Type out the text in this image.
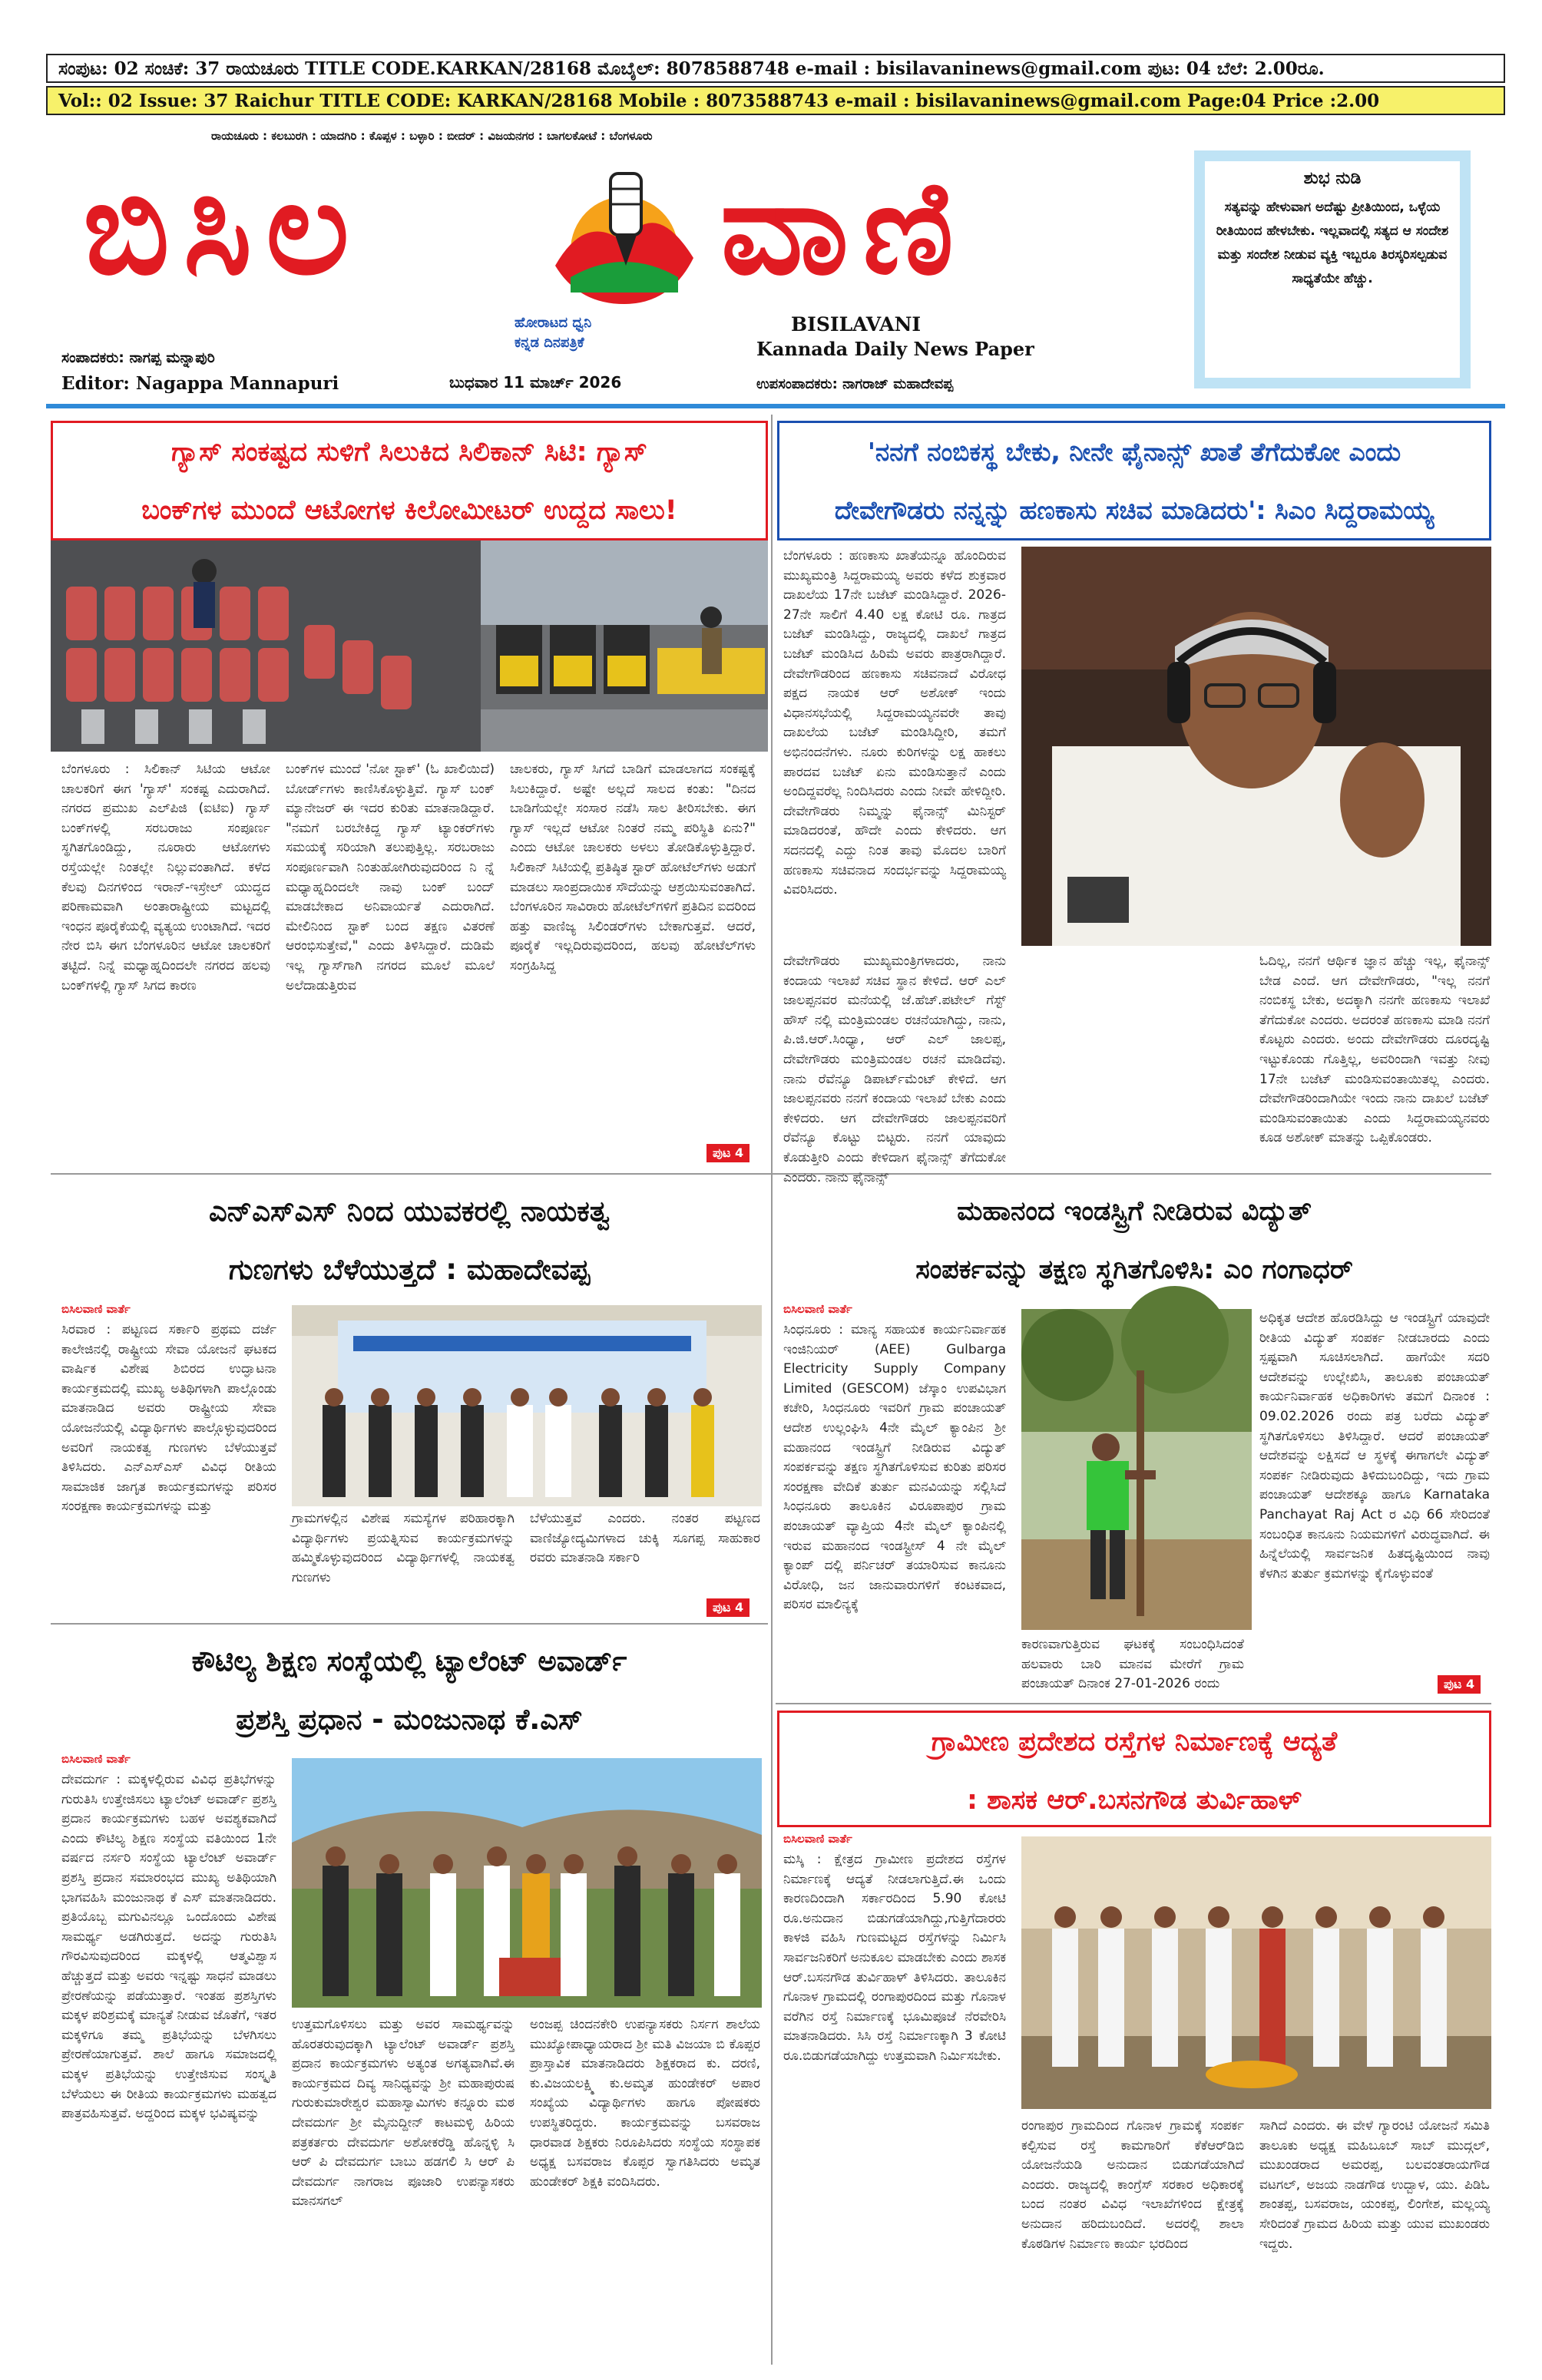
ಸಂಪುಟ: 02 ಸಂಚಿಕೆ: 37 ರಾಯಚೂರು TITLE CODE.KARKAN/28168 ಮೊಬೈಲ್: 8078588748 e-mail : bisilavaninews@gmail.com ಪುಟ: 04 ಬೆಲೆ: 2.00ರೂ.
Vol:: 02 Issue: 37 Raichur TITLE CODE: KARKAN/28168 Mobile : 8073588743 e-mail : bisilavaninews@gmail.com Page:04 Price :2.00
ರಾಯಚೂರು : ಕಲಬುರಗಿ : ಯಾದಗಿರಿ : ಕೊಪ್ಪಳ : ಬಳ್ಳಾರಿ : ಬೀದರ್ : ವಿಜಯನಗರ : ಬಾಗಲಕೋಟೆ : ಬೆಂಗಳೂರು
ಬಿಸಿಲ	ವಾಣಿ
ಹೋರಾಟದ ಧ್ವನಿ
ಕನ್ನಡ ದಿನಪತ್ರಿಕೆ
BISILAVANI
Kannada Daily News Paper
ಸಂಪಾದಕರು: ನಾಗಪ್ಪ ಮನ್ನಾಪುರಿ
Editor: Nagappa Mannapuri	ಬುಧವಾರ 11 ಮಾರ್ಚ್ 2026	ಉಪಸಂಪಾದಕರು: ನಾಗರಾಜ್ ಮಹಾದೇವಪ್ಪ
ಶುಭ ನುಡಿ
ಸತ್ಯವನ್ನು ಹೇಳುವಾಗ ಅದೆಷ್ಟು ಪ್ರೀತಿಯಿಂದ, ಒಳ್ಳೆಯ ರೀತಿಯಿಂದ ಹೇಳಬೇಕು. ಇಲ್ಲವಾದಲ್ಲಿ ಸತ್ಯದ ಆ ಸಂದೇಶ ಮತ್ತು ಸಂದೇಶ ನೀಡುವ ವ್ಯಕ್ತಿ ಇಬ್ಬರೂ ತಿರಸ್ಕರಿಸಲ್ಪಡುವ ಸಾಧ್ಯತೆಯೇ ಹೆಚ್ಚು.
ಗ್ಯಾಸ್ ಸಂಕಷ್ಟದ ಸುಳಿಗೆ ಸಿಲುಕಿದ ಸಿಲಿಕಾನ್ ಸಿಟಿ: ಗ್ಯಾಸ್
ಬಂಕ್‌ಗಳ ಮುಂದೆ ಆಟೋಗಳ ಕಿಲೋಮೀಟರ್ ಉದ್ದದ ಸಾಲು!
ಬೆಂಗಳೂರು : ಸಿಲಿಕಾನ್ ಸಿಟಿಯ ಆಟೋ ಚಾಲಕರಿಗೆ ಈಗ 'ಗ್ಯಾಸ್' ಸಂಕಷ್ಟ ಎದುರಾಗಿದೆ. ನಗರದ ಪ್ರಮುಖ ಎಲ್‌ಪಿಜಿ (ಐಟಿಐ) ಗ್ಯಾಸ್ ಬಂಕ್‌ಗಳಲ್ಲಿ ಸರಬರಾಜು ಸಂಪೂರ್ಣ ಸ್ಥಗಿತಗೊಂಡಿದ್ದು, ನೂರಾರು ಆಟೋಗಳು ರಸ್ತೆಯಲ್ಲೇ ನಿಂತಲ್ಲೇ ನಿಲ್ಲುವಂತಾಗಿದೆ. ಕಳೆದ ಕೆಲವು ದಿನಗಳಿಂದ ಇರಾನ್-ಇಸ್ರೇಲ್ ಯುದ್ಧದ ಪರಿಣಾಮವಾಗಿ ಅಂತಾರಾಷ್ಟ್ರೀಯ ಮಟ್ಟದಲ್ಲಿ ಇಂಧನ ಪೂರೈಕೆಯಲ್ಲಿ ವ್ಯತ್ಯಯ ಉಂಟಾಗಿದೆ. ಇದರ ನೇರ ಬಿಸಿ ಈಗ ಬೆಂಗಳೂರಿನ ಆಟೋ ಚಾಲಕರಿಗೆ ತಟ್ಟಿದೆ. ನಿನ್ನೆ ಮಧ್ಯಾಹ್ನದಿಂದಲೇ ನಗರದ ಹಲವು ಬಂಕ್‌ಗಳಲ್ಲಿ ಗ್ಯಾಸ್ ಸಿಗದ ಕಾರಣ
ಬಂಕ್‌ಗಳ ಮುಂದೆ 'ನೋ ಸ್ಟಾಕ್' (ಓ ಖಾಲಿಯಿದೆ) ಬೋರ್ಡ್‌ಗಳು ಕಾಣಿಸಿಕೊಳ್ಳುತ್ತಿವೆ. ಗ್ಯಾಸ್ ಬಂಕ್ ಮ್ಯಾನೇಜರ್ ಈ ಇದರ ಕುರಿತು ಮಾತನಾಡಿದ್ದಾರೆ. "ನಮಗೆ ಬರಬೇಕಿದ್ದ ಗ್ಯಾಸ್ ಟ್ಯಾಂಕರ್‌ಗಳು ಸಮಯಕ್ಕೆ ಸರಿಯಾಗಿ ತಲುಪುತ್ತಿಲ್ಲ. ಸರಬರಾಜು ಸಂಪೂರ್ಣವಾಗಿ ನಿಂತುಹೋಗಿರುವುದರಿಂದ ನಿ ನ್ನೆ ಮಧ್ಯಾಹ್ನದಿಂದಲೇ ನಾವು ಬಂಕ್ ಬಂದ್ ಮಾಡಬೇಕಾದ ಅನಿವಾರ್ಯತೆ ಎದುರಾಗಿದೆ. ಮೇಲಿನಿಂದ ಸ್ಟಾಕ್ ಬಂದ ತಕ್ಷಣ ವಿತರಣೆ ಆರಂಭಿಸುತ್ತೇವೆ," ಎಂದು ತಿಳಿಸಿದ್ದಾರೆ. ದುಡಿಮೆ ಇಲ್ಲ ಗ್ಯಾಸ್‌ಗಾಗಿ ನಗರದ ಮೂಲೆ ಮೂಲೆ ಅಲೆದಾಡುತ್ತಿರುವ
ಚಾಲಕರು, ಗ್ಯಾಸ್ ಸಿಗದೆ ಬಾಡಿಗೆ ಮಾಡಲಾಗದ ಸಂಕಷ್ಟಕ್ಕೆ ಸಿಲುಕಿದ್ದಾರೆ. ಅಷ್ಟೇ ಅಲ್ಲದೆ ಸಾಲದ ಕಂತು: "ದಿನದ ಬಾಡಿಗೆಯಲ್ಲೇ ಸಂಸಾರ ನಡೆಸಿ ಸಾಲ ತೀರಿಸಬೇಕು. ಈಗ ಗ್ಯಾಸ್ ಇಲ್ಲದೆ ಆಟೋ ನಿಂತರೆ ನಮ್ಮ ಪರಿಸ್ಥಿತಿ ಏನು?" ಎಂದು ಆಟೋ ಚಾಲಕರು ಅಳಲು ತೋಡಿಕೊಳ್ಳುತ್ತಿದ್ದಾರೆ. ಸಿಲಿಕಾನ್ ಸಿಟಿಯಲ್ಲಿ ಪ್ರತಿಷ್ಠಿತ ಸ್ಟಾರ್ ಹೋಟೆಲ್‌ಗಳು ಅಡುಗೆ ಮಾಡಲು ಸಾಂಪ್ರದಾಯಿಕ ಸೌದೆಯನ್ನು ಆಶ್ರಯಿಸುವಂತಾಗಿದೆ. ಬೆಂಗಳೂರಿನ ಸಾವಿರಾರು ಹೋಟೆಲ್‌ಗಳಿಗೆ ಪ್ರತಿದಿನ ಐದರಿಂದ ಹತ್ತು ವಾಣಿಜ್ಯ ಸಿಲಿಂಡರ್‌ಗಳು ಬೇಕಾಗುತ್ತವೆ. ಆದರೆ, ಪೂರೈಕೆ ಇಲ್ಲದಿರುವುದರಿಂದ, ಹಲವು ಹೋಟೆಲ್‌ಗಳು ಸಂಗ್ರಹಿಸಿದ್ದ
ಪುಟ 4
'ನನಗೆ ನಂಬಿಕಸ್ಥ ಬೇಕು, ನೀನೇ ಫೈನಾನ್ಸ್ ಖಾತೆ ತೆಗೆದುಕೋ ಎಂದು
ದೇವೇಗೌಡರು ನನ್ನನ್ನು ಹಣಕಾಸು ಸಚಿವ ಮಾಡಿದರು': ಸಿಎಂ ಸಿದ್ದರಾಮಯ್ಯ
ಬೆಂಗಳೂರು : ಹಣಕಾಸು ಖಾತೆಯನ್ನೂ ಹೊಂದಿರುವ ಮುಖ್ಯಮಂತ್ರಿ ಸಿದ್ದರಾಮಯ್ಯ ಅವರು ಕಳೆದ ಶುಕ್ರವಾರ ದಾಖಲೆಯ 17ನೇ ಬಜೆಟ್ ಮಂಡಿಸಿದ್ದಾರೆ. 2026-27ನೇ ಸಾಲಿಗೆ 4.40 ಲಕ್ಷ ಕೋಟಿ ರೂ. ಗಾತ್ರದ ಬಜೆಟ್ ಮಂಡಿಸಿದ್ದು, ರಾಜ್ಯದಲ್ಲಿ ದಾಖಲೆ ಗಾತ್ರದ ಬಜೆಟ್ ಮಂಡಿಸಿದ ಹಿರಿಮೆ ಅವರು ಪಾತ್ರರಾಗಿದ್ದಾರೆ. ದೇವೇಗೌಡರಿಂದ ಹಣಕಾಸು ಸಚಿವನಾದೆ ವಿರೋಧ ಪಕ್ಷದ ನಾಯಕ ಆರ್ ಅಶೋಕ್ ಇಂದು ವಿಧಾನಸಭೆಯಲ್ಲಿ ಸಿದ್ದರಾಮಯ್ಯನವರೇ ತಾವು ದಾಖಲೆಯ ಬಜೆಟ್ ಮಂಡಿಸಿದ್ದೀರಿ, ತಮಗೆ ಅಭಿನಂದನೆಗಳು. ನೂರು ಕುರಿಗಳನ್ನು ಲಕ್ಷ ಹಾಕಲು ಪಾರದವ ಬಜೆಟ್ ಏನು ಮಂಡಿಸುತ್ತಾನೆ ಎಂದು ಅಂದಿದ್ದವರೆಲ್ಲ ನಿಂದಿಸಿದರು ಎಂದು ನೀವೇ ಹೇಳಿದ್ದೀರಿ. ದೇವೇಗೌಡರು ನಿಮ್ಮನ್ನು ಫೈನಾನ್ಸ್ ಮಿನಿಸ್ಟರ್ ಮಾಡಿದರಂತೆ, ಹೌದೇ ಎಂದು ಕೇಳಿದರು. ಆಗ ಸದನದಲ್ಲಿ ಎದ್ದು ನಿಂತ ತಾವು ಮೊದಲ ಬಾರಿಗೆ ಹಣಕಾಸು ಸಚಿವನಾದ ಸಂದರ್ಭವನ್ನು ಸಿದ್ದರಾಮಯ್ಯ ವಿವರಿಸಿದರು.
ದೇವೇಗೌಡರು ಮುಖ್ಯಮಂತ್ರಿಗಳಾದರು, ನಾನು ಕಂದಾಯ ಇಲಾಖೆ ಸಚಿವ ಸ್ಥಾನ ಕೇಳಿದೆ. ಆರ್ ಎಲ್ ಜಾಲಪ್ಪನವರ ಮನೆಯಲ್ಲಿ ಜೆ.ಹೆಚ್.ಪಟೇಲ್ ಗೆಸ್ಟ್ ಹೌಸ್ ನಲ್ಲಿ ಮಂತ್ರಿಮಂಡಲ ರಚನೆಯಾಗಿದ್ದು, ನಾನು, ಪಿ.ಜಿ.ಆರ್.ಸಿಂಧ್ಯಾ, ಆರ್ ಎಲ್ ಜಾಲಪ್ಪ, ದೇವೇಗೌಡರು ಮಂತ್ರಿಮಂಡಲ ರಚನೆ ಮಾಡಿದೆವು. ನಾನು ರೆವೆನ್ಯೂ ಡಿಪಾರ್ಟ್‌ಮೆಂಟ್ ಕೇಳಿದೆ. ಆಗ ಜಾಲಪ್ಪನವರು ನನಗೆ ಕಂದಾಯ ಇಲಾಖೆ ಬೇಕು ಎಂದು ಕೇಳಿದರು. ಆಗ ದೇವೇಗೌಡರು ಜಾಲಪ್ಪನವರಿಗೆ ರೆವೆನ್ಯೂ ಕೊಟ್ಟು ಬಿಟ್ಟರು. ನನಗೆ ಯಾವುದು ಕೊಡುತ್ತೀರಿ ಎಂದು ಕೇಳಿದಾಗ ಫೈನಾನ್ಸ್ ತೆಗೆದುಕೋ ಎಂದರು. ನಾನು ಫೈನಾನ್ಸ್
ಓದಿಲ್ಲ, ನನಗೆ ಆರ್ಥಿಕ ಜ್ಞಾನ ಹೆಚ್ಚು ಇಲ್ಲ, ಫೈನಾನ್ಸ್ ಬೇಡ ಎಂದೆ. ಆಗ ದೇವೇಗೌಡರು, "ಇಲ್ಲ ನನಗೆ ನಂಬಿಕಸ್ಥ ಬೇಕು, ಅದಕ್ಕಾಗಿ ನನಗೇ ಹಣಕಾಸು ಇಲಾಖೆ ತೆಗೆದುಕೋ ಎಂದರು. ಅದರಂತೆ ಹಣಕಾಸು ಮಾಡಿ ನನಗೆ ಕೊಟ್ಟರು ಎಂದರು. ಅಂದು ದೇವೇಗೌಡರು ದೂರದೃಷ್ಟಿ ಇಟ್ಟುಕೊಂಡು ಗೊತ್ತಿಲ್ಲ, ಅವರಿಂದಾಗಿ ಇವತ್ತು ನೀವು 17ನೇ ಬಜೆಟ್ ಮಂಡಿಸುವಂತಾಯಿತಲ್ಲ ಎಂದರು. ದೇವೇಗೌಡರಿಂದಾಗಿಯೇ ಇಂದು ನಾನು ದಾಖಲೆ ಬಜೆಟ್ ಮಂಡಿಸುವಂತಾಯಿತು ಎಂದು ಸಿದ್ದರಾಮಯ್ಯನವರು ಕೂಡ ಅಶೋಕ್ ಮಾತನ್ನು ಒಪ್ಪಿಕೊಂಡರು.
ಎನ್‌ಎಸ್‌ಎಸ್ ನಿಂದ ಯುವಕರಲ್ಲಿ ನಾಯಕತ್ವ
ಗುಣಗಳು ಬೆಳೆಯುತ್ತದೆ : ಮಹಾದೇವಪ್ಪ
ಬಿಸಿಲವಾಣಿ ವಾರ್ತೆ
ಸಿರವಾರ : ಪಟ್ಟಣದ ಸರ್ಕಾರಿ ಪ್ರಥಮ ದರ್ಜೆ ಕಾಲೇಜಿನಲ್ಲಿ ರಾಷ್ಟ್ರೀಯ ಸೇವಾ ಯೋಜನೆ ಘಟಕದ ವಾರ್ಷಿಕ ವಿಶೇಷ ಶಿಬಿರದ ಉದ್ಘಾಟನಾ ಕಾರ್ಯಕ್ರಮದಲ್ಲಿ ಮುಖ್ಯ ಅತಿಥಿಗಳಾಗಿ ಪಾಲ್ಗೊಂಡು ಮಾತನಾಡಿದ ಅವರು ರಾಷ್ಟ್ರೀಯ ಸೇವಾ ಯೋಜನೆಯಲ್ಲಿ ವಿದ್ಯಾರ್ಥಿಗಳು ಪಾಲ್ಗೊಳ್ಳುವುದರಿಂದ ಅವರಿಗೆ ನಾಯಕತ್ವ ಗುಣಗಳು ಬೆಳೆಯುತ್ತವೆ ತಿಳಿಸಿದರು. ಎನ್‌ಎಸ್‌ಎಸ್ ವಿವಿಧ ರೀತಿಯ ಸಾಮಾಜಿಕ ಜಾಗೃತ ಕಾರ್ಯಕ್ರಮಗಳನ್ನು ಪರಿಸರ ಸಂರಕ್ಷಣಾ ಕಾರ್ಯಕ್ರಮಗಳನ್ನು ಮತ್ತು
ಗ್ರಾಮಗಳಲ್ಲಿನ ವಿಶೇಷ ಸಮಸ್ಯೆಗಳ ಪರಿಹಾರಕ್ಕಾಗಿ ವಿದ್ಯಾರ್ಥಿಗಳು ಪ್ರಯತ್ನಿಸುವ ಕಾರ್ಯಕ್ರಮಗಳನ್ನು ಹಮ್ಮಿಕೊಳ್ಳುವುದರಿಂದ ವಿದ್ಯಾರ್ಥಿಗಳಲ್ಲಿ ನಾಯಕತ್ವ ಗುಣಗಳು
ಬೆಳೆಯುತ್ತವೆ ಎಂದರು. ನಂತರ ಪಟ್ಟಣದ ವಾಣಿಜ್ಯೋದ್ಯಮಿಗಳಾದ ಚುಕ್ಕಿ ಸೂಗಪ್ಪ ಸಾಹುಕಾರ ರವರು ಮಾತನಾಡಿ ಸರ್ಕಾರಿ
ಪುಟ 4
ಮಹಾನಂದ ಇಂಡಸ್ಟ್ರಿಗೆ ನೀಡಿರುವ ವಿದ್ಯುತ್
ಸಂಪರ್ಕವನ್ನು ತಕ್ಷಣ ಸ್ಥಗಿತಗೊಳಿಸಿ: ಎಂ ಗಂಗಾಧರ್
ಬಿಸಿಲವಾಣಿ ವಾರ್ತೆ
ಸಿಂಧನೂರು : ಮಾನ್ಯ ಸಹಾಯಕ ಕಾರ್ಯನಿರ್ವಾಹಕ ಇಂಜಿನಿಯರ್ (AEE) Gulbarga Electricity Supply Company Limited (GESCOM) ಜೆಸ್ಕಾಂ ಉಪವಿಭಾಗ ಕಚೇರಿ, ಸಿಂಧನೂರು ಇವರಿಗೆ ಗ್ರಾಮ ಪಂಚಾಯತ್ ಆದೇಶ ಉಲ್ಲಂಘಿಸಿ 4ನೇ ಮೈಲ್ ಕ್ಯಾಂಪಿನ ಶ್ರೀ ಮಹಾನಂದ ಇಂಡಸ್ಟ್ರಿಗೆ ನೀಡಿರುವ ವಿದ್ಯುತ್ ಸಂಪರ್ಕವನ್ನು ತಕ್ಷಣ ಸ್ಥಗಿತಗೊಳಿಸುವ ಕುರಿತು ಪರಿಸರ ಸಂರಕ್ಷಣಾ ವೇದಿಕೆ ತುರ್ತು ಮನವಿಯನ್ನು ಸಲ್ಲಿಸಿದೆ ಸಿಂಧನೂರು ತಾಲೂಕಿನ ವಿರೂಪಾಪುರ ಗ್ರಾಮ ಪಂಚಾಯತ್ ವ್ಯಾಪ್ತಿಯ 4ನೇ ಮೈಲ್ ಕ್ಯಾಂಪಿನಲ್ಲಿ ಇರುವ ಮಹಾನಂದ ಇಂಡಸ್ಟ್ರೀಸ್ 4 ನೇ ಮೈಲ್ ಕ್ಯಾಂಪ್ ದಲ್ಲಿ ಪರ್ನಿಚರ್ ತಯಾರಿಸುವ ಕಾನೂನು ವಿರೋಧಿ, ಜನ ಜಾನುವಾರುಗಳಿಗೆ ಕಂಟಕವಾದ, ಪರಿಸರ ಮಾಲಿನ್ಯಕ್ಕೆ
ಕಾರಣವಾಗುತ್ತಿರುವ ಘಟಕಕ್ಕೆ ಸಂಬಂಧಿಸಿದಂತೆ ಹಲವಾರು ಬಾರಿ ಮಾನವ ಮೇರೆಗೆ ಗ್ರಾಮ ಪಂಚಾಯತ್ ದಿನಾಂಕ 27-01-2026 ರಂದು
ಅಧಿಕೃತ ಆದೇಶ ಹೊರಡಿಸಿದ್ದು ಆ ಇಂಡಸ್ಟ್ರಿಗೆ ಯಾವುದೇ ರೀತಿಯ ವಿದ್ಯುತ್ ಸಂಪರ್ಕ ನೀಡಬಾರದು ಎಂದು ಸ್ಪಷ್ಟವಾಗಿ ಸೂಚಿಸಲಾಗಿದೆ. ಹಾಗೆಯೇ ಸದರಿ ಆದೇಶವನ್ನು ಉಲ್ಲೇಖಿಸಿ, ತಾಲೂಕು ಪಂಚಾಯತ್ ಕಾರ್ಯನಿರ್ವಾಹಕ ಅಧಿಕಾರಿಗಳು ತಮಗೆ ದಿನಾಂಕ : 09.02.2026 ರಂದು ಪತ್ರ ಬರೆದು ವಿದ್ಯುತ್ ಸ್ಥಗಿತಗೊಳಿಸಲು ತಿಳಿಸಿದ್ದಾರೆ. ಆದರೆ ಪಂಚಾಯತ್ ಆದೇಶವನ್ನು ಲಕ್ಷಿಸದೆ ಆ ಸ್ಥಳಕ್ಕೆ ಈಗಾಗಲೇ ವಿದ್ಯುತ್ ಸಂಪರ್ಕ ನೀಡಿರುವುದು ತಿಳಿದುಬಂದಿದ್ದು, ಇದು ಗ್ರಾಮ ಪಂಚಾಯತ್ ಆದೇಶಕ್ಕೂ ಹಾಗೂ Karnataka Panchayat Raj Act ರ ವಿಧಿ 66 ಸೇರಿದಂತೆ ಸಂಬಂಧಿತ ಕಾನೂನು ನಿಯಮಗಳಿಗೆ ವಿರುದ್ಧವಾಗಿದೆ. ಈ ಹಿನ್ನೆಲೆಯಲ್ಲಿ ಸಾರ್ವಜನಿಕ ಹಿತದೃಷ್ಟಿಯಿಂದ ನಾವು ಕೆಳಗಿನ ತುರ್ತು ಕ್ರಮಗಳನ್ನು ಕೈಗೊಳ್ಳುವಂತೆ
ಪುಟ 4
ಕೌಟಿಲ್ಯ ಶಿಕ್ಷಣ ಸಂಸ್ಥೆಯಲ್ಲಿ ಟ್ಯಾಲೆಂಟ್ ಅವಾರ್ಡ್
ಪ್ರಶಸ್ತಿ ಪ್ರಧಾನ - ಮಂಜುನಾಥ ಕೆ.ಎಸ್
ಬಿಸಿಲವಾಣಿ ವಾರ್ತೆ
ದೇವದುರ್ಗ : ಮಕ್ಕಳಲ್ಲಿರುವ ವಿವಿಧ ಪ್ರತಿಭೆಗಳನ್ನು ಗುರುತಿಸಿ ಉತ್ತೇಜಿಸಲು ಟ್ಯಾಲೆಂಟ್ ಅವಾರ್ಡ್ ಪ್ರಶಸ್ತಿ ಪ್ರದಾನ ಕಾರ್ಯಕ್ರಮಗಳು ಬಹಳ ಅವಶ್ಯಕವಾಗಿದೆ ಎಂದು ಕೌಟಿಲ್ಯ ಶಿಕ್ಷಣ ಸಂಸ್ಥೆಯ ವತಿಯಿಂದ 1ನೇ ವರ್ಷದ ನರ್ಸರಿ ಸಂಸ್ಥೆಯ ಟ್ಯಾಲೆಂಟ್ ಅವಾರ್ಡ್ ಪ್ರಶಸ್ತಿ ಪ್ರದಾನ ಸಮಾರಂಭದ ಮುಖ್ಯ ಅತಿಥಿಯಾಗಿ ಭಾಗವಹಿಸಿ ಮಂಜುನಾಥ ಕೆ ಎಸ್ ಮಾತನಾಡಿದರು. ಪ್ರತಿಯೊಬ್ಬ ಮಗುವಿನಲ್ಲೂ ಒಂದೊಂದು ವಿಶೇಷ ಸಾಮರ್ಥ್ಯ ಅಡಗಿರುತ್ತದೆ. ಅದನ್ನು ಗುರುತಿಸಿ ಗೌರವಿಸುವುದರಿಂದ ಮಕ್ಕಳಲ್ಲಿ ಆತ್ಮವಿಶ್ವಾಸ ಹೆಚ್ಚುತ್ತದೆ ಮತ್ತು ಅವರು ಇನ್ನಷ್ಟು ಸಾಧನೆ ಮಾಡಲು ಪ್ರೇರಣೆಯನ್ನು ಪಡೆಯುತ್ತಾರೆ. ಇಂತಹ ಪ್ರಶಸ್ತಿಗಳು ಮಕ್ಕಳ ಪರಿಶ್ರಮಕ್ಕೆ ಮಾನ್ಯತೆ ನೀಡುವ ಜೊತೆಗೆ, ಇತರ ಮಕ್ಕಳಿಗೂ ತಮ್ಮ ಪ್ರತಿಭೆಯನ್ನು ಬೆಳಗಿಸಲು ಪ್ರೇರಣೆಯಾಗುತ್ತವೆ. ಶಾಲೆ ಹಾಗೂ ಸಮಾಜದಲ್ಲಿ ಮಕ್ಕಳ ಪ್ರತಿಭೆಯನ್ನು ಉತ್ತೇಜಿಸುವ ಸಂಸ್ಕೃತಿ ಬೆಳೆಯಲು ಈ ರೀತಿಯ ಕಾರ್ಯಕ್ರಮಗಳು ಮಹತ್ವದ ಪಾತ್ರವಹಿಸುತ್ತವೆ. ಅದ್ದರಿಂದ ಮಕ್ಕಳ ಭವಿಷ್ಯವನ್ನು
ಉತ್ತಮಗೊಳಿಸಲು ಮತ್ತು ಅವರ ಸಾಮರ್ಥ್ಯವನ್ನು ಹೊರತರುವುದಕ್ಕಾಗಿ ಟ್ಯಾಲೆಂಟ್ ಅವಾರ್ಡ್ ಪ್ರಶಸ್ತಿ ಪ್ರದಾನ ಕಾರ್ಯಕ್ರಮಗಳು ಅತ್ಯಂತ ಅಗತ್ಯವಾಗಿವೆ.ಈ ಕಾರ್ಯಕ್ರಮದ ದಿವ್ಯ ಸಾನಿಧ್ಯವನ್ನು ಶ್ರೀ ಮಹಾಪುರುಷ ಗುರುಕುಮಾರೇಶ್ವರ ಮಹಾಸ್ವಾಮಿಗಳು ಕನ್ನೂರು ಮಠ ದೇವದುರ್ಗ ಶ್ರೀ ಮೈನುದ್ದೀನ್ ಕಾಟಮಳ್ಳಿ ಹಿರಿಯ ಪತ್ರಕರ್ತರು ದೇವದುರ್ಗ ಅಶೋಕರೆಡ್ಡಿ ಹೊನ್ನಳ್ಳಿ ಸಿ ಆರ್ ಪಿ ದೇವದುರ್ಗ ಬಾಬು ಹಡಗಲಿ ಸಿ ಆರ್ ಪಿ ದೇವದುರ್ಗ ನಾಗರಾಜ ಪೂಜಾರಿ ಉಪನ್ಯಾಸಕರು ಮಾನಸಗಲ್
ಅಂಜಪ್ಪ ಚಿಂದನಕೇರಿ ಉಪನ್ಯಾಸಕರು ನಿರ್ಸಗ ಶಾಲೆಯ ಮುಖ್ಯೋಪಾಧ್ಯಾಯರಾದ ಶ್ರೀ ಮತಿ ವಿಜಯಾ ಬಿ ಕೊಪ್ಪರ ಪ್ರಾಸ್ತಾವಿಕ ಮಾತನಾಡಿದರು ಶಿಕ್ಷಕರಾದ ಕು. ದರಣಿ, ಕು.ವಿಜಯಲಕ್ಷ್ಮಿ ಕು.ಅಮೃತ ಹುಂಡೇಕರ್ ಅಪಾರ ಸಂಖ್ಯೆಯ ವಿದ್ಯಾರ್ಥಿಗಳು ಹಾಗೂ ಪೋಷಕರು ಉಪಸ್ಥಿತರಿದ್ದರು. ಕಾರ್ಯಕ್ರಮವನ್ನು ಬಸವರಾಜ ಧಾರವಾಡ ಶಿಕ್ಷಕರು ನಿರೂಪಿಸಿದರು ಸಂಸ್ಥೆಯ ಸಂಸ್ಥಾಪಕ ಅಧ್ಯಕ್ಷ ಬಸವರಾಜ ಕೊಪ್ಪರ ಸ್ವಾಗತಿಸಿದರು ಅಮೃತ ಹುಂಡೇಕರ್ ಶಿಕ್ಷಕಿ ವಂದಿಸಿದರು.
ಗ್ರಾಮೀಣ ಪ್ರದೇಶದ ರಸ್ತೆಗಳ ನಿರ್ಮಾಣಕ್ಕೆ ಆದ್ಯತೆ
: ಶಾಸಕ ಆರ್.ಬಸನಗೌಡ ತುರ್ವಿಹಾಳ್
ಬಿಸಿಲವಾಣಿ ವಾರ್ತೆ
ಮಸ್ಕಿ : ಕ್ಷೇತ್ರದ ಗ್ರಾಮೀಣ ಪ್ರದೇಶದ ರಸ್ತೆಗಳ ನಿರ್ಮಾಣಕ್ಕೆ ಆದ್ಯತೆ ನೀಡಲಾಗುತ್ತಿದೆ.ಈ ಒಂದು ಕಾರಣದಿಂದಾಗಿ ಸರ್ಕಾರದಿಂದ 5.90 ಕೋಟಿ ರೂ.ಅನುದಾನ ಬಿಡುಗಡೆಯಾಗಿದ್ದು,ಗುತ್ತಿಗೆದಾರರು ಕಾಳಜಿ ವಹಿಸಿ ಗುಣಮಟ್ಟದ ರಸ್ತೆಗಳನ್ನು ನಿರ್ಮಿಸಿ ಸಾರ್ವಜನಿಕರಿಗೆ ಅನುಕೂಲ ಮಾಡಬೇಕು ಎಂದು ಶಾಸಕ ಆರ್.ಬಸನಗೌಡ ತುರ್ವಿಹಾಳ್ ತಿಳಿಸಿದರು. ತಾಲೂಕಿನ ಗೊನಾಳ ಗ್ರಾಮದಲ್ಲಿ ರಂಗಾಪುರದಿಂದ ಮತ್ತು ಗೊನಾಳ ವರೆಗಿನ ರಸ್ತೆ ನಿರ್ಮಾಣಕ್ಕೆ ಭೂಮಿಪೂಜೆ ನೆರವೇರಿಸಿ ಮಾತನಾಡಿದರು. ಸಿಸಿ ರಸ್ತೆ ನಿರ್ಮಾಣಕ್ಕಾಗಿ 3 ಕೋಟಿ ರೂ.ಬಿಡುಗಡೆಯಾಗಿದ್ದು ಉತ್ತಮವಾಗಿ ನಿರ್ಮಿಸಬೇಕು.
ರಂಗಾಪುರ ಗ್ರಾಮದಿಂದ ಗೊನಾಳ ಗ್ರಾಮಕ್ಕೆ ಸಂಪರ್ಕ ಕಲ್ಪಿಸುವ ರಸ್ತೆ ಕಾಮಗಾರಿಗೆ ಕೆಕೆಆರ್‌ಡಿಬಿ ಯೋಜನೆಯಡಿ ಅನುದಾನ ಬಿಡುಗಡೆಯಾಗಿದೆ ಎಂದರು. ರಾಜ್ಯದಲ್ಲಿ ಕಾಂಗ್ರೆಸ್ ಸರಕಾರ ಅಧಿಕಾರಕ್ಕೆ ಬಂದ ನಂತರ ವಿವಿಧ ಇಲಾಖೆಗಳಿಂದ ಕ್ಷೇತ್ರಕ್ಕೆ ಅನುದಾನ ಹರಿದುಬಂದಿದೆ. ಅದರಲ್ಲಿ ಶಾಲಾ ಕೊಠಡಿಗಳ ನಿರ್ಮಾಣ ಕಾರ್ಯ ಭರದಿಂದ
ಸಾಗಿದೆ ಎಂದರು. ಈ ವೇಳೆ ಗ್ಯಾರಂಟಿ ಯೋಜನೆ ಸಮಿತಿ ತಾಲೂಕು ಅಧ್ಯಕ್ಷ ಮಹಿಬೂಬ್ ಸಾಬ್ ಮುದ್ಗಲ್, ಮುಖಂಡರಾದ ಅಮರಪ್ಪ, ಬಲವಂತರಾಯಗೌಡ ವಟಗಲ್, ಅಜಯ ನಾಡಗೌಡ ಉದ್ಬಾಳ, ಯು. ಪಿಡಿಓ ಶಾಂತಪ್ಪ, ಬಸವರಾಜ, ಯಂಕಪ್ಪ, ಲಿಂಗೇಶ, ಮಲ್ಲಯ್ಯ ಸೇರಿದಂತೆ ಗ್ರಾಮದ ಹಿರಿಯ ಮತ್ತು ಯುವ ಮುಖಂಡರು ಇದ್ದರು.
